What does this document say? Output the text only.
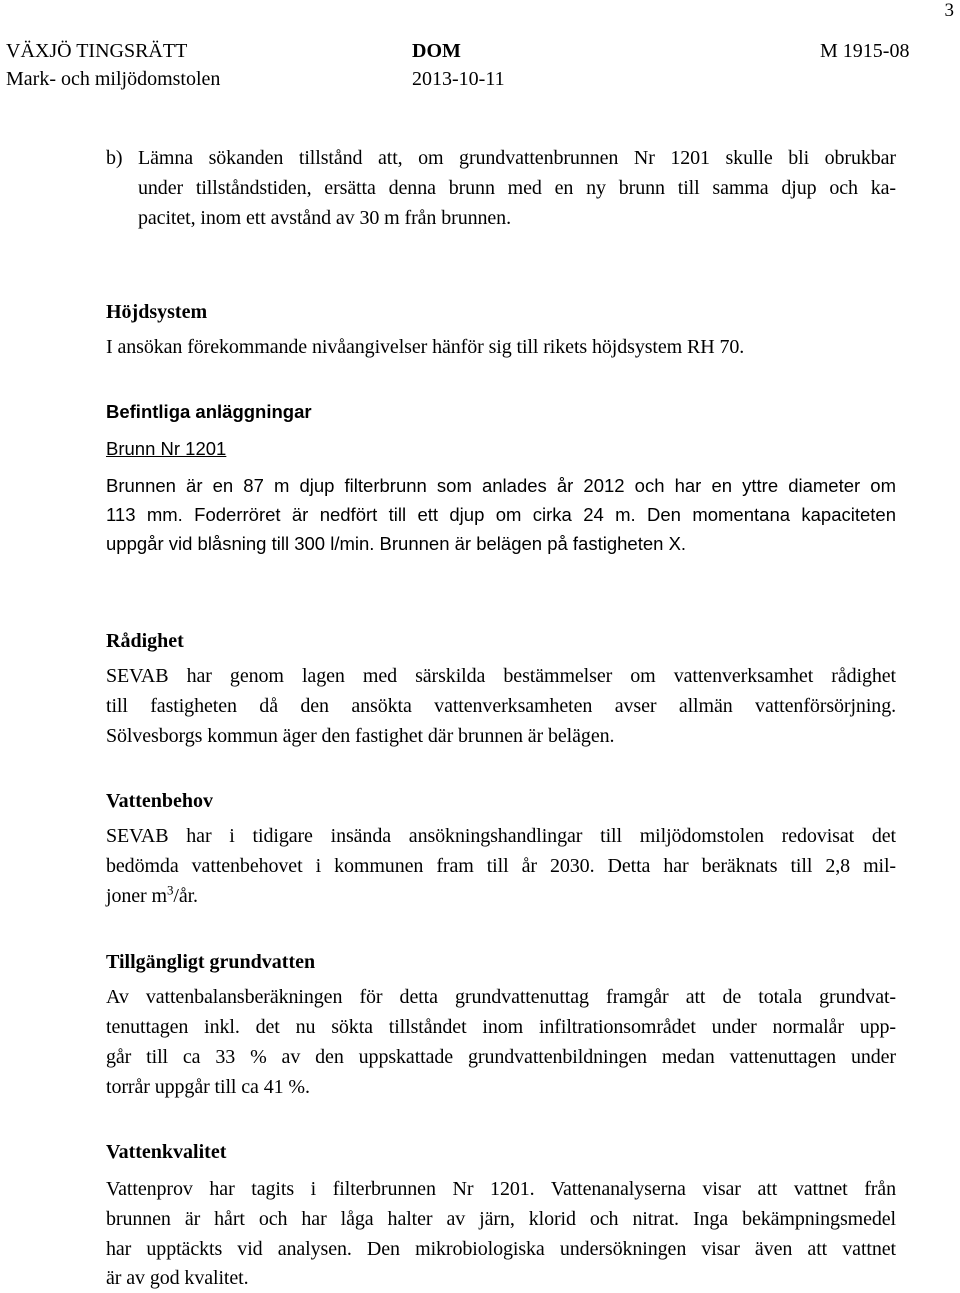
3
VÄXJÖ TINGSRÄTT
Mark- och miljödomstolen
DOM
2013-10-11
M 1915-08
b) Lämna sökanden tillstånd att, om grundvattenbrunnen Nr 1201 skulle bli obrukbar
under tillståndstiden, ersätta denna brunn med en ny brunn till samma djup och ka-
pacitet, inom ett avstånd av 30 m från brunnen.
Höjdsystem
I ansökan förekommande nivåangivelser hänför sig till rikets höjdsystem RH 70.
Befintliga anläggningar
Brunn Nr 1201
Brunnen är en 87 m djup filterbrunn som anlades år 2012 och har en yttre diameter om
113 mm. Foderröret är nedfört till ett djup om cirka 24 m. Den momentana kapaciteten
uppgår vid blåsning till 300 l/min. Brunnen är belägen på fastigheten X.
Rådighet
SEVAB har genom lagen med särskilda bestämmelser om vattenverksamhet rådighet
till fastigheten då den ansökta vattenverksamheten avser allmän vattenförsörjning.
Sölvesborgs kommun äger den fastighet där brunnen är belägen.
Vattenbehov
SEVAB har i tidigare insända ansökningshandlingar till miljödomstolen redovisat det
bedömda vattenbehovet i kommunen fram till år 2030. Detta har beräknats till 2,8 mil-
joner $m^3/år$.
Tillgängligt grundvatten
Av vattenbalansberäkningen för detta grundvattenuttag framgår att de totala grundvat-
tenuttagen inkl. det nu sökta tillståndet inom infiltrationsområdet under normalår upp-
går till ca 33 % av den uppskattade grundvattenbildningen medan vattenuttagen under
torrår uppgår till ca 41 %.
Vattenkvalitet
Vattenprov har tagits i filterbrunnen Nr 1201. Vattenanalyserna visar att vattnet från
brunnen är hårt och har låga halter av järn, klorid och nitrat. Inga bekämpningsmedel
har upptäckts vid analysen. Den mikrobiologiska undersökningen visar även att vattnet
är av god kvalitet.
